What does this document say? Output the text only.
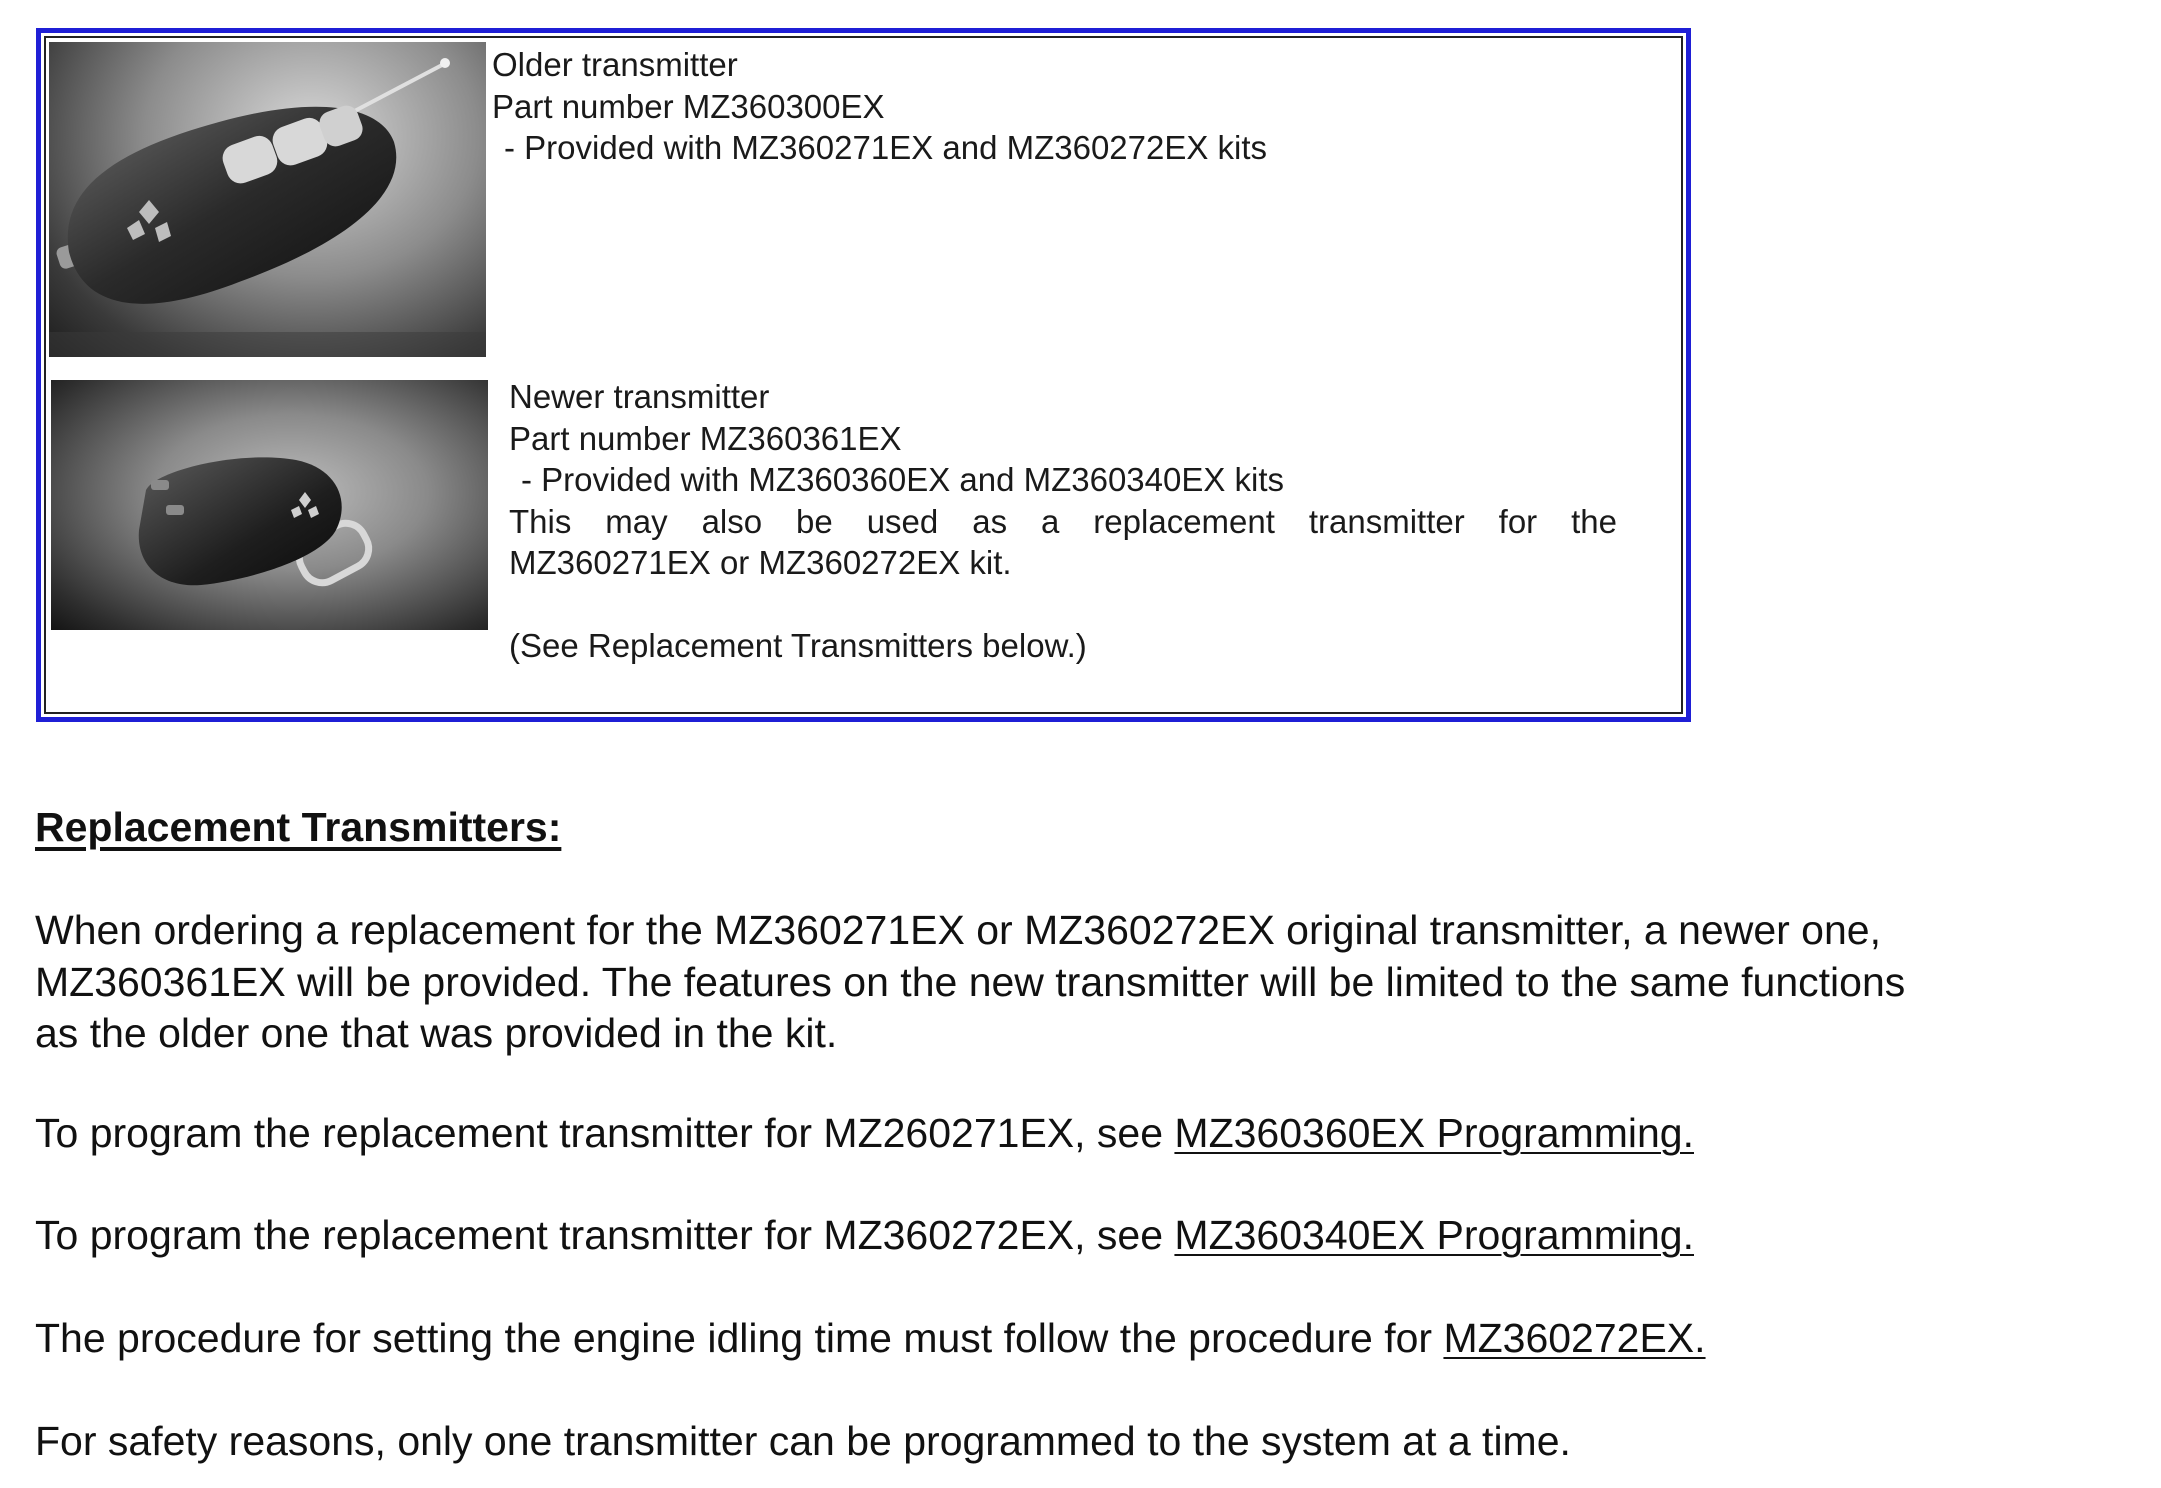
Older transmitter
Part number MZ360300EX
- Provided with MZ360271EX and MZ360272EX kits
Newer transmitter
Part number MZ360361EX
- Provided with MZ360360EX and MZ360340EX kits
This may also be used as a replacement transmitter for the
MZ360271EX or MZ360272EX kit.
(See Replacement Transmitters below.)
Replacement Transmitters:
When ordering a replacement for the MZ360271EX or MZ360272EX original transmitter, a newer one,
MZ360361EX will be provided. The features on the new transmitter will be limited to the same functions
as the older one that was provided in the kit.
To program the replacement transmitter for MZ260271EX, see MZ360360EX Programming.
To program the replacement transmitter for MZ360272EX, see MZ360340EX Programming.
The procedure for setting the engine idling time must follow the procedure for MZ360272EX.
For safety reasons, only one transmitter can be programmed to the system at a time.
